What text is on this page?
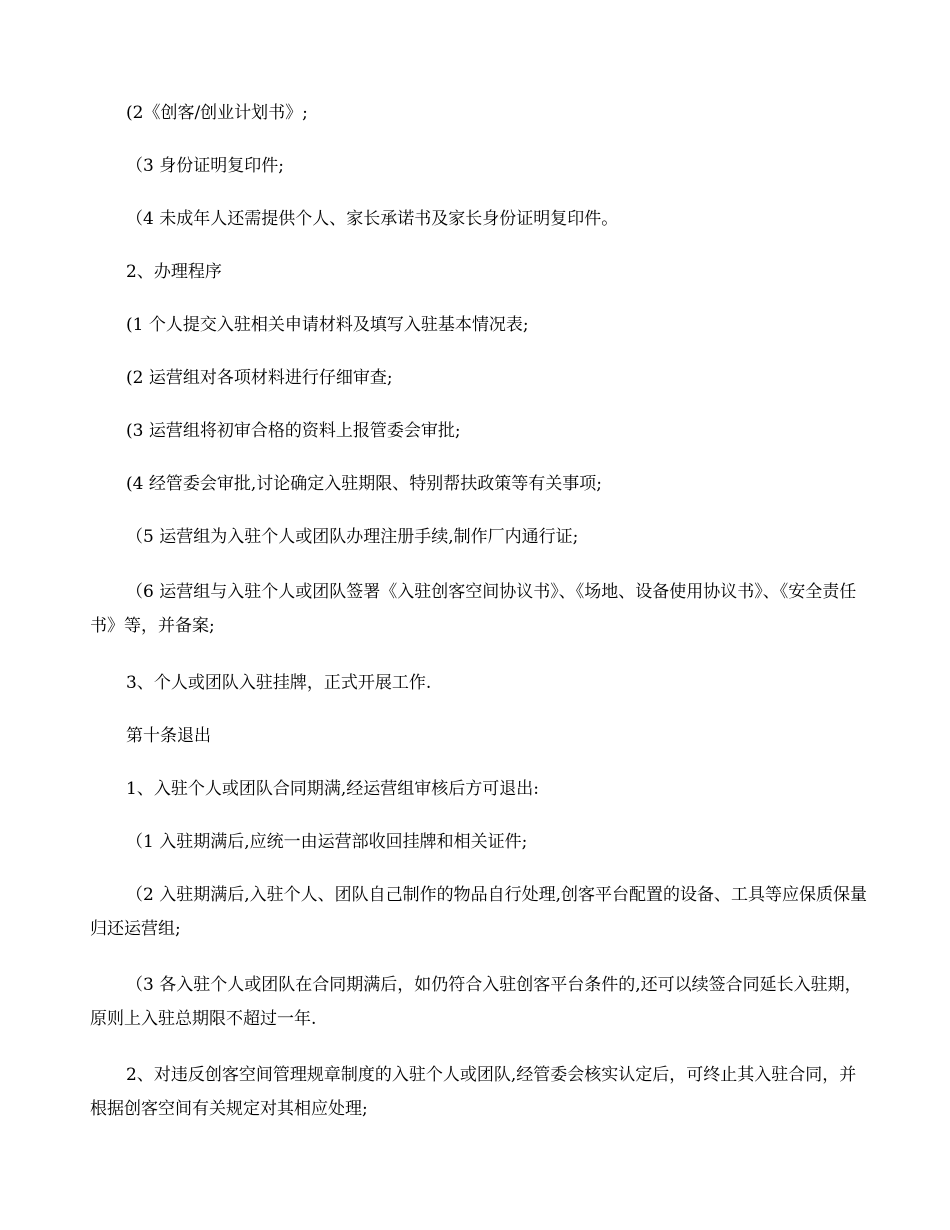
(2《创客/创业计划书》;

（3 身份证明复印件;

（4 未成年人还需提供个人、家长承诺书及家长身份证明复印件。

2、办理程序

(1 个人提交入驻相关申请材料及填写入驻基本情况表;

(2 运营组对各项材料进行仔细审查;

(3 运营组将初审合格的资料上报管委会审批;

(4 经管委会审批,讨论确定入驻期限、特别帮扶政策等有关事项;

（5 运营组为入驻个人或团队办理注册手续,制作厂内通行证;

（6 运营组与入驻个人或团队签署《入驻创客空间协议书》、《场地、设备使用协议书》、《安全责任书》等，并备案;

3、个人或团队入驻挂牌，正式开展工作.

第十条退出

1、入驻个人或团队合同期满,经运营组审核后方可退出:

（1 入驻期满后,应统一由运营部收回挂牌和相关证件;

（2 入驻期满后,入驻个人、团队自己制作的物品自行处理,创客平台配置的设备、工具等应保质保量归还运营组;

（3 各入驻个人或团队在合同期满后，如仍符合入驻创客平台条件的,还可以续签合同延长入驻期，原则上入驻总期限不超过一年.

2、对违反创客空间管理规章制度的入驻个人或团队,经管委会核实认定后，可终止其入驻合同，并根据创客空间有关规定对其相应处理;
